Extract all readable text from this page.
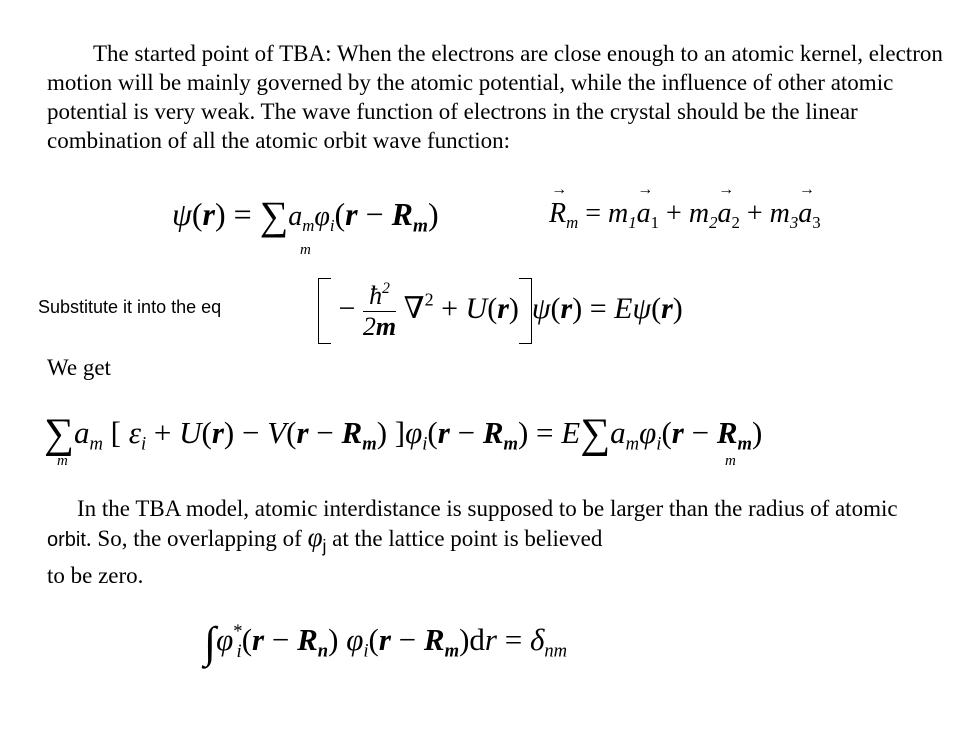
The started point of TBA: When the electrons are close enough to an atomic kernel, electron motion will be mainly governed by the atomic potential, while the influence of other atomic potential is very weak. The wave function of electrons in the crystal should be the linear combination of all the atomic orbit wave function:

$\psi(r) = \sum a_m\varphi_i(r - R_m)$
m
→ $R_m = m_1\to a_1 + m_2\to a_2 + m_3\to a_3$
Substitute it into the eq	− $\frac{ħ^2}{2m} \nabla^2 + U(r) \psi(r) = E\psi(r)$
We get
$\sum a_m$ [ $\varepsilon_i + U(r) - V(r - R_m) ]\varphi_i(r - R_m) = E\sum a_m\varphi_i(r - R_m)$
m	m
In the TBA model, atomic interdistance is supposed to be larger than the radius of atomic orbit. So, the overlapping of $\varphi_j$ at the lattice point is believed
to be zero.
$\int\varphi^*_i(r - R_n) \varphi_i(r - R_m)dr = \delta_{nm}$
